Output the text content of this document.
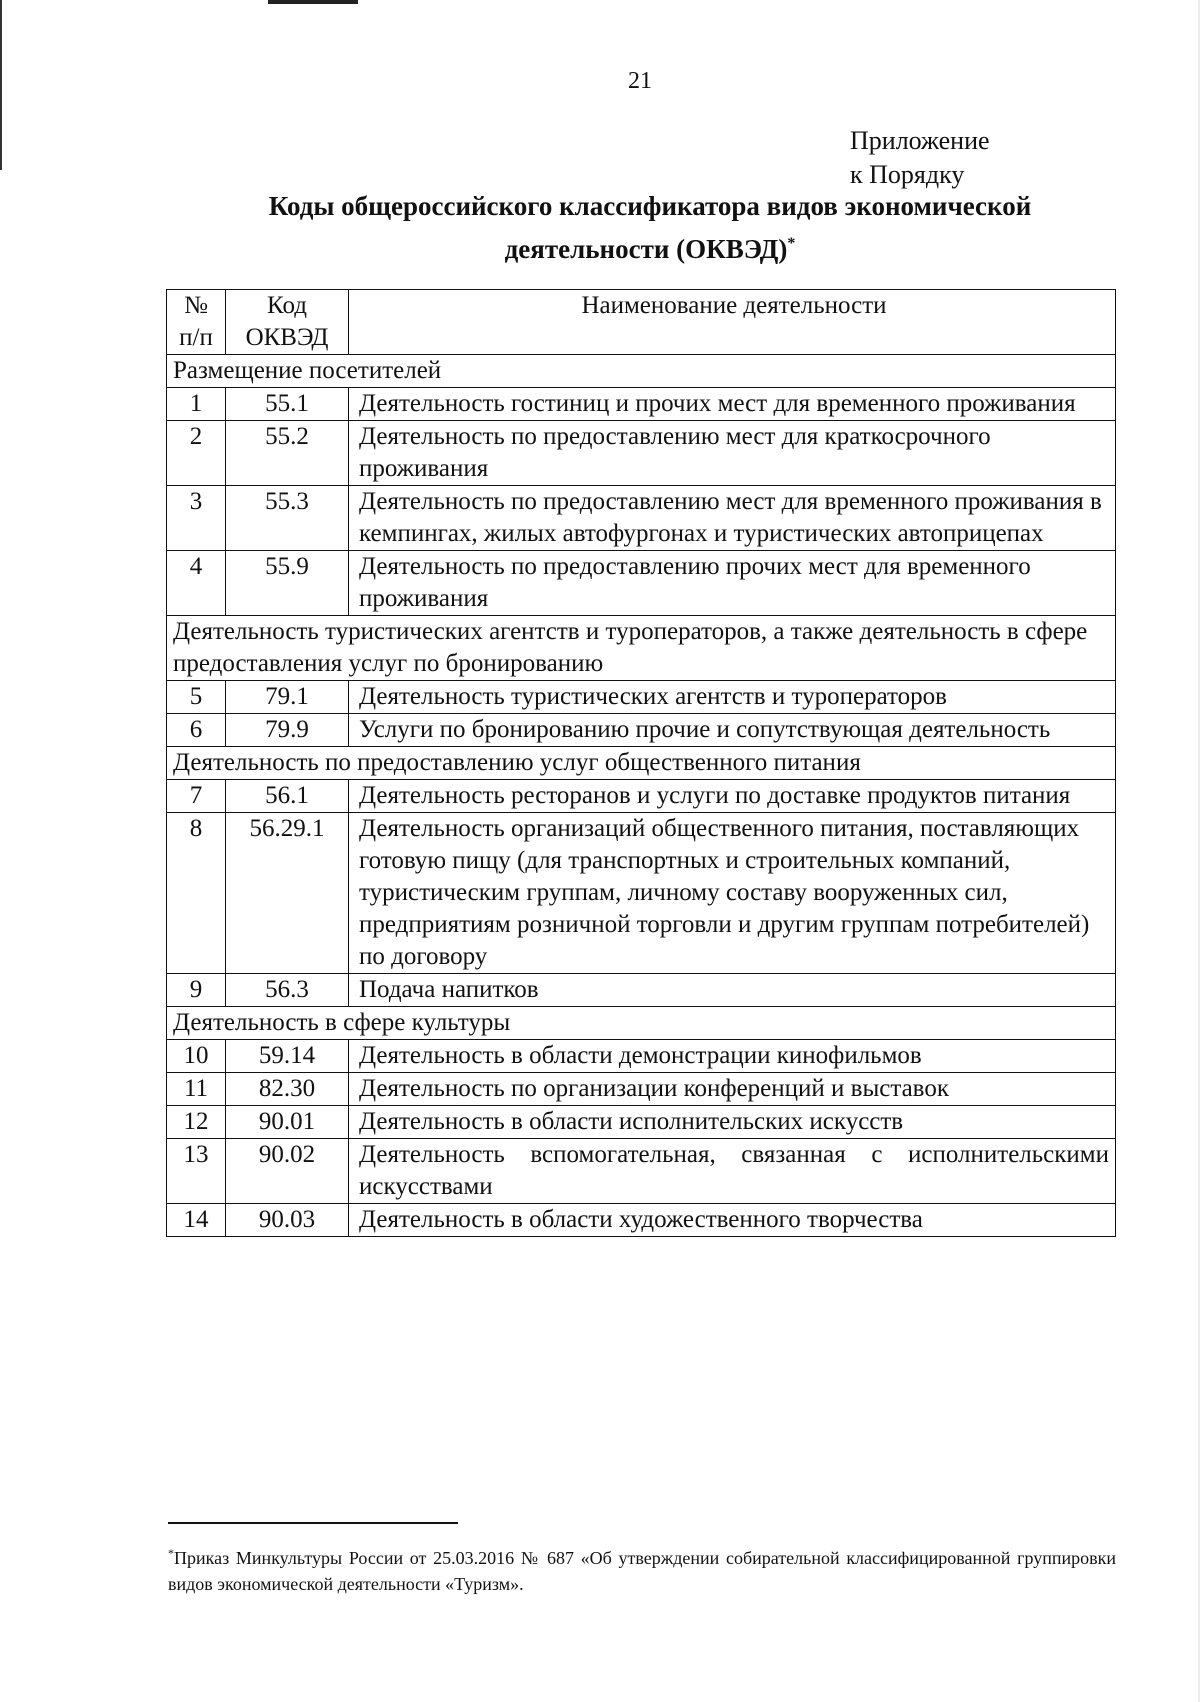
21
Приложение
к Порядку
Коды общероссийского классификатора видов экономической
деятельности (ОКВЭД)*
№ п/п	Код ОКВЭД	Наименование деятельности
Размещение посетителей		
1	55.1	Деятельность гостиниц и прочих мест для временного проживания
2	55.2	Деятельность по предоставлению мест для краткосрочного проживания
3	55.3	Деятельность по предоставлению мест для временного проживания в кемпингах, жилых автофургонах и туристических автоприцепах
4	55.9	Деятельность по предоставлению прочих мест для временного проживания
Деятельность туристических агентств и туроператоров, а также деятельность в сфере предоставления услуг по бронированию		
5	79.1	Деятельность туристических агентств и туроператоров
6	79.9	Услуги по бронированию прочие и сопутствующая деятельность
Деятельность по предоставлению услуг общественного питания		
7	56.1	Деятельность ресторанов и услуги по доставке продуктов питания
8	56.29.1	Деятельность организаций общественного питания, поставляющих готовую пищу (для транспортных и строительных компаний, туристическим группам, личному составу вооруженных сил, предприятиям розничной торговли и другим группам потребителей) по договору
9	56.3	Подача напитков
Деятельность в сфере культуры		
10	59.14	Деятельность в области демонстрации кинофильмов
11	82.30	Деятельность по организации конференций и выставок
12	90.01	Деятельность в области исполнительских искусств
13	90.02	Деятельность вспомогательная, связанная с исполнительскими искусствами
14	90.03	Деятельность в области художественного творчества
*Приказ Минкультуры России от 25.03.2016 № 687 «Об утверждении собирательной классифицированной группировки видов экономической деятельности «Туризм».
